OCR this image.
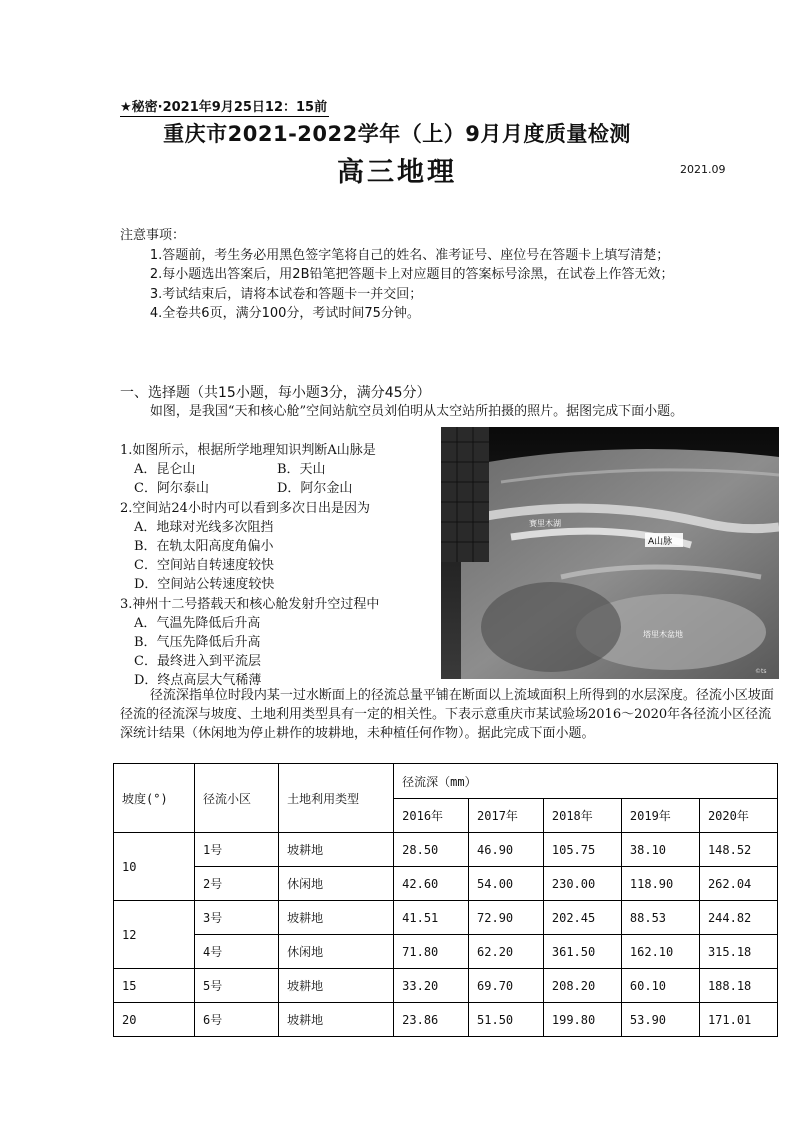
★秘密·2021年9月25日12：15前
重庆市2021-2022学年（上）9月月度质量检测
高三地理	2021.09

注意事项：

1.答题前，考生务必用黑色签字笔将自己的姓名、准考证号、座位号在答题卡上填写清楚；

2.每小题选出答案后，用2B铅笔把答题卡上对应题目的答案标号涂黑，在试卷上作答无效；

3.考试结束后，请将本试卷和答题卡一并交回；

4.全卷共6页，满分100分，考试时间75分钟。

一、选择题（共15小题，每小题3分，满分45分）

如图，是我国“天和核心舱”空间站航空员刘伯明从太空站所拍摄的照片。据图完成下面小题。

1.如图所示，根据所学地理知识判断A山脉是

A．昆仑山	B．天山
C．阿尔泰山	D．阿尔金山

2.空间站24小时内可以看到多次日出是因为

A．地球对光线多次阻挡

B．在轨太阳高度角偏小

C．空间站自转速度较快

D．空间站公转速度较快

3.神州十二号搭载天和核心舱发射升空过程中

A．气温先降低后升高

B．气压先降低后升高

C．最终进入到平流层

D．终点高层大气稀薄

赛里木湖
A山脉
塔里木盆地
©ts

径流深指单位时段内某一过水断面上的径流总量平铺在断面以上流域面积上所得到的水层深度。径流小区坡面径流的径流深与坡度、土地利用类型具有一定的相关性。下表示意重庆市某试验场2016～2020年各径流小区径流深统计结果（休闲地为停止耕作的坡耕地，未种植任何作物）。据此完成下面小题。

坡度(°)	径流小区	土地利用类型	径流深（mm）				
			2016年	2017年	2018年	2019年	2020年
10	1号	坡耕地	28.50	46.90	105.75	38.10	148.52
	2号	休闲地	42.60	54.00	230.00	118.90	262.04
12	3号	坡耕地	41.51	72.90	202.45	88.53	244.82
	4号	休闲地	71.80	62.20	361.50	162.10	315.18
15	5号	坡耕地	33.20	69.70	208.20	60.10	188.18
20	6号	坡耕地	23.86	51.50	199.80	53.90	171.01
